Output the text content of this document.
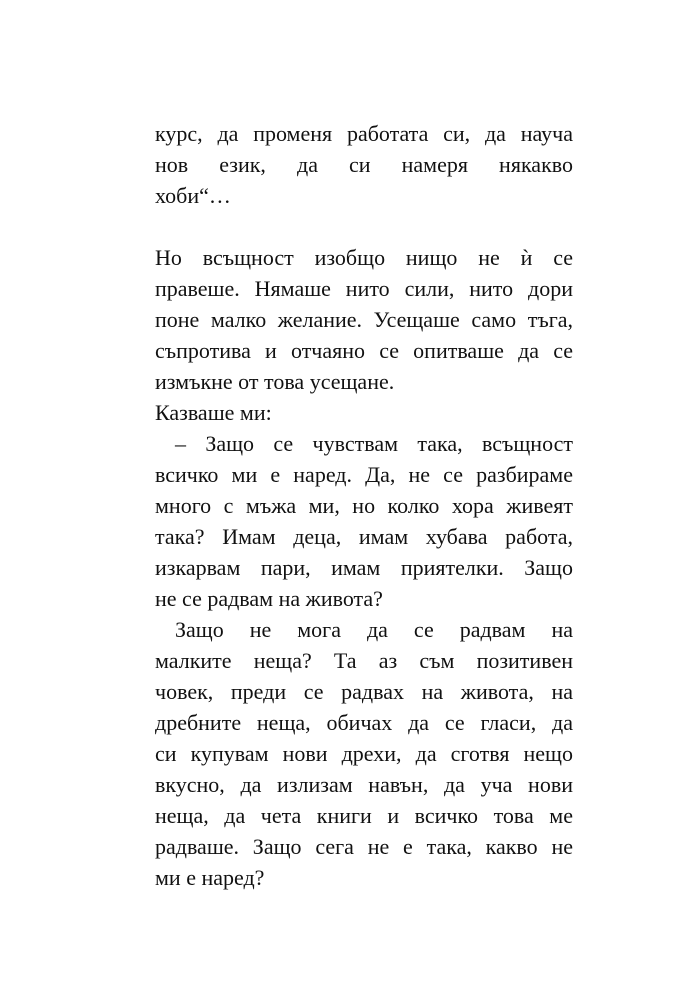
курс, да променя работата си, да науча
нов език, да си намеря някакво
хоби“…
Но всъщност изобщо нищо не ѝ се
правеше. Нямаше нито сили, нито дори
поне малко желание. Усещаше само тъга,
съпротива и отчаяно се опитваше да се
измъкне от това усещане.
Казваше ми:
– Защо се чувствам така, всъщност
всичко ми е наред. Да, не се разбираме
много с мъжа ми, но колко хора живеят
така? Имам деца, имам хубава работа,
изкарвам пари, имам приятелки. Защо
не се радвам на живота?
Защо не мога да се радвам на
малките неща? Та аз съм позитивен
човек, преди се радвах на живота, на
дребните неща, обичах да се гласи, да
си купувам нови дрехи, да сготвя нещо
вкусно, да излизам навън, да уча нови
неща, да чета книги и всичко това ме
радваше. Защо сега не е така, какво не
ми е наред?
